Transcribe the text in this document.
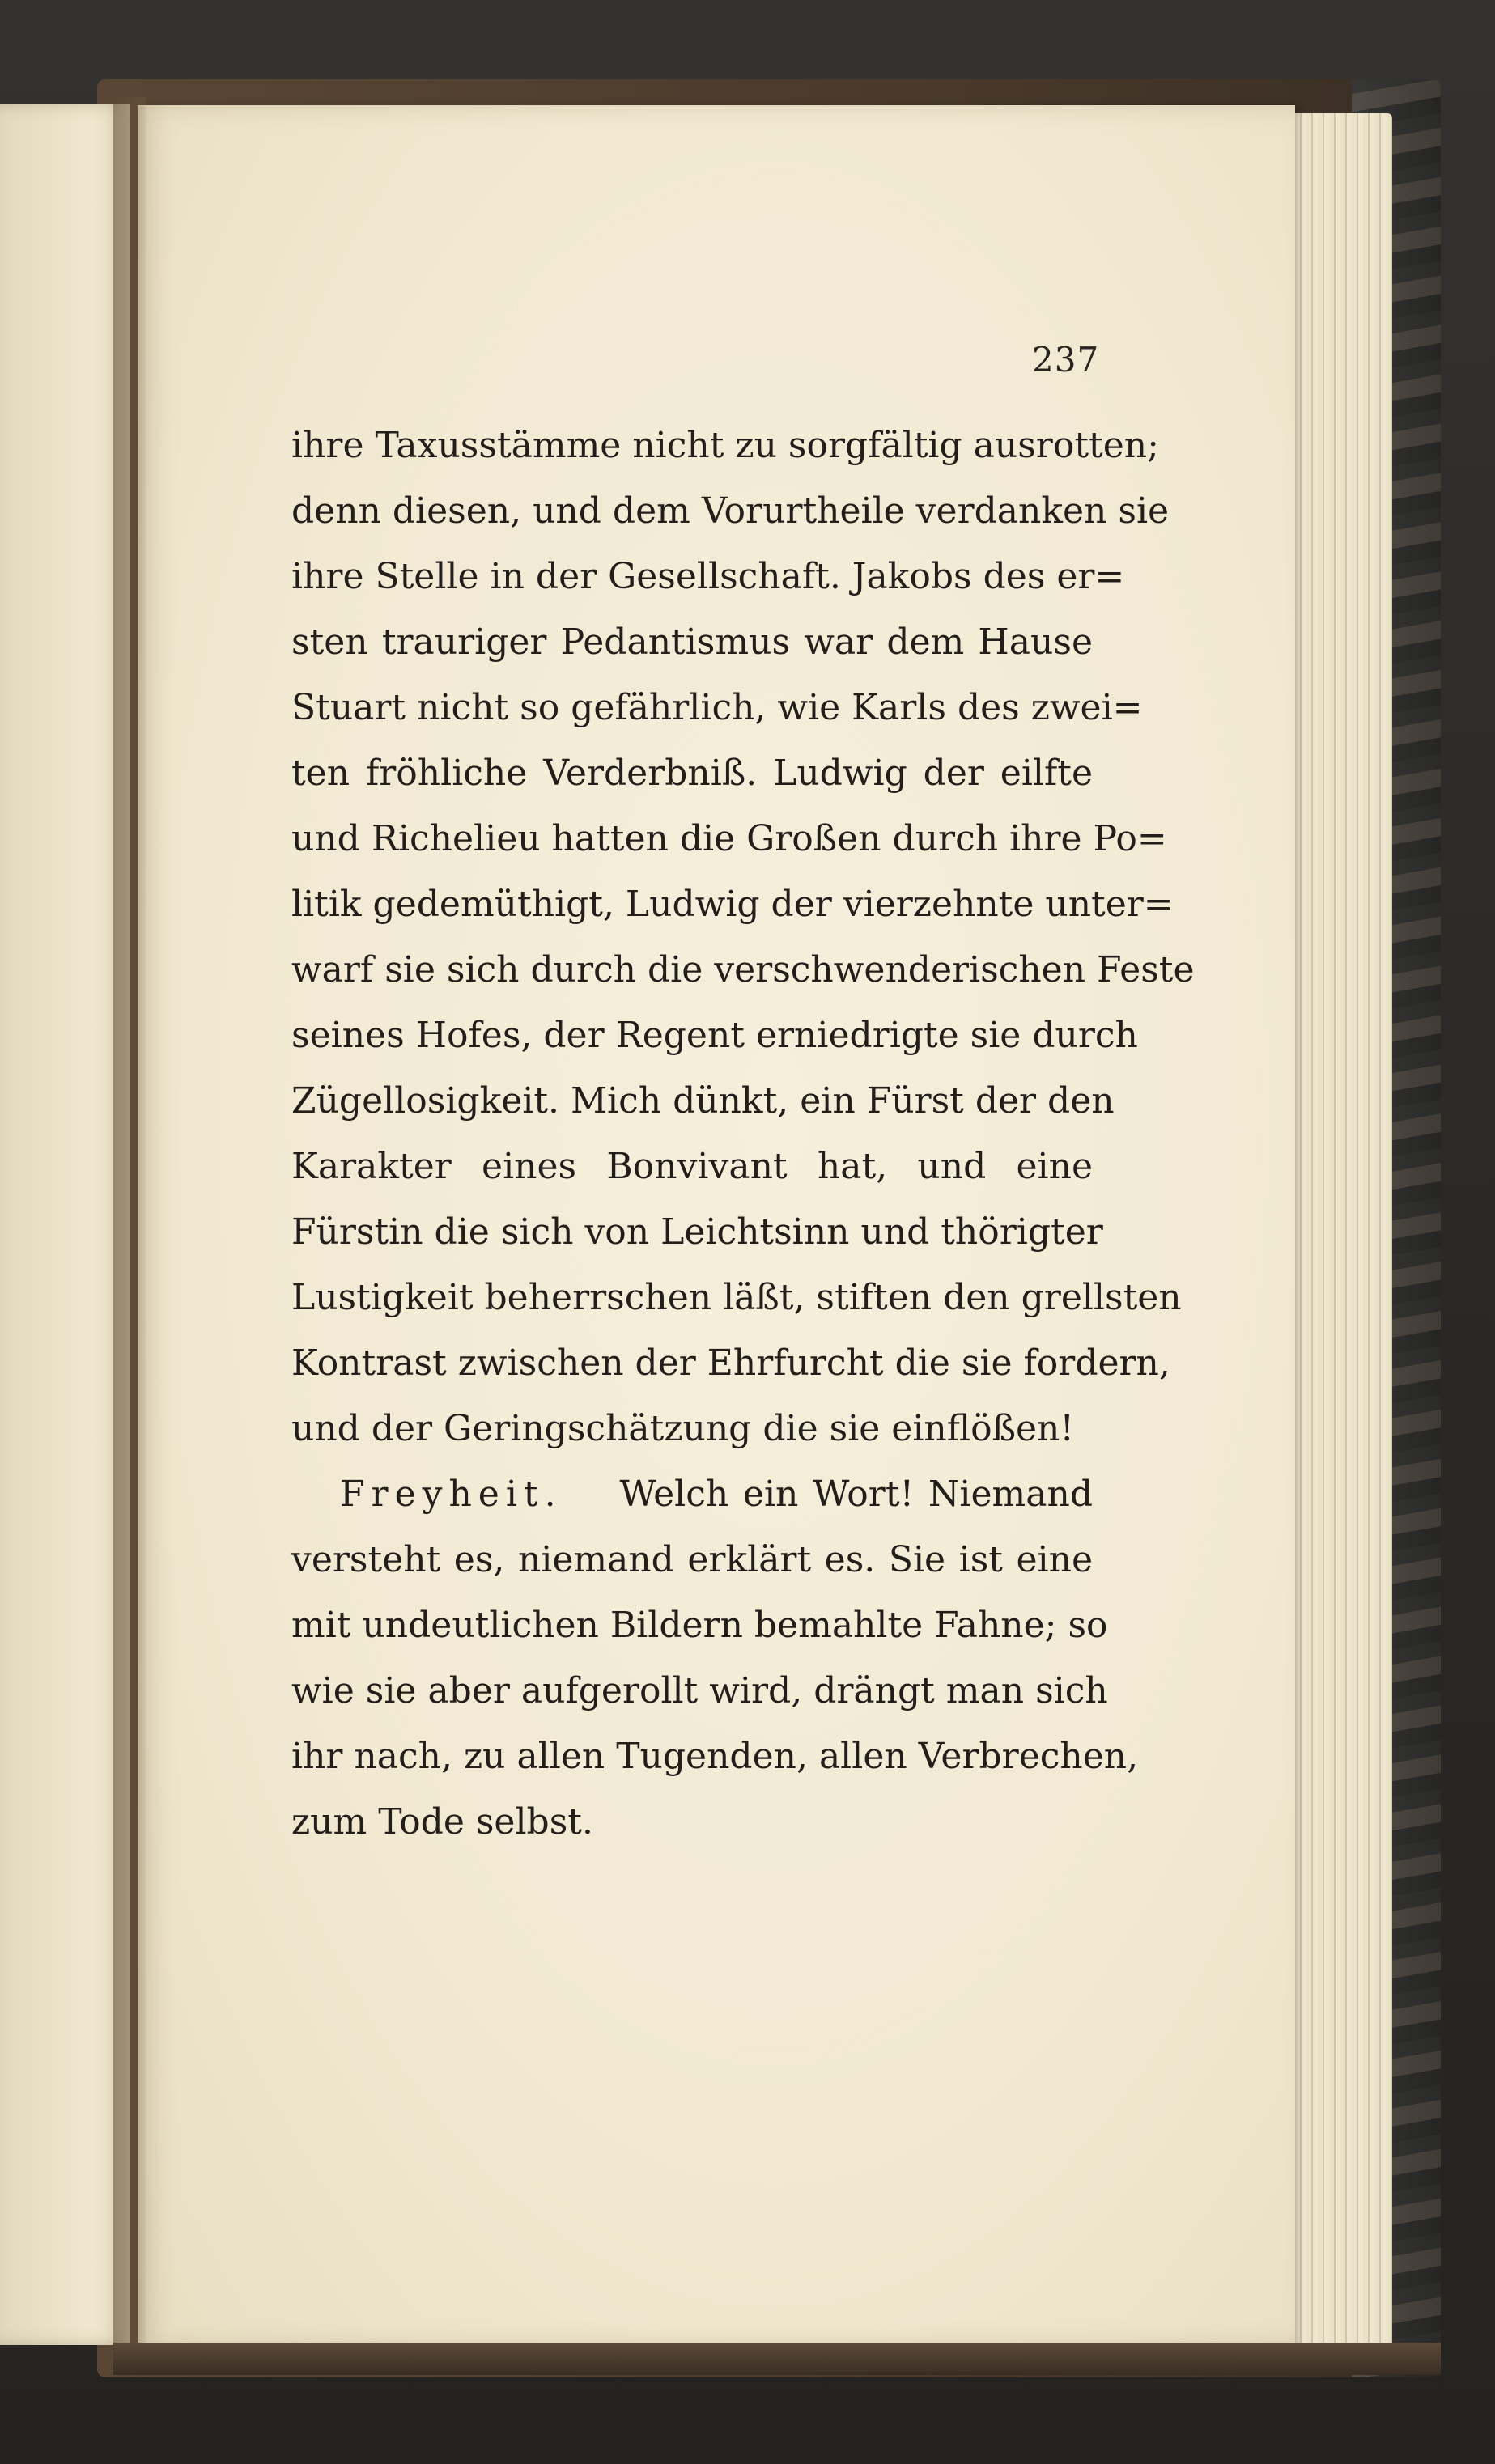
237
ihre Taxusstämme nicht zu sorgfältig ausrotten;
denn diesen, und dem Vorurtheile verdanken sie
ihre Stelle in der Gesellschaft. Jakobs des er=
sten trauriger Pedantismus war dem Hause
Stuart nicht so gefährlich, wie Karls des zwei=
ten fröhliche Verderbniß. Ludwig der eilfte
und Richelieu hatten die Großen durch ihre Po=
litik gedemüthigt, Ludwig der vierzehnte unter=
warf sie sich durch die verschwenderischen Feste
seines Hofes, der Regent erniedrigte sie durch
Zügellosigkeit. Mich dünkt, ein Fürst der den
Karakter eines Bonvivant hat, und eine
Fürstin die sich von Leichtsinn und thörigter
Lustigkeit beherrschen läßt, stiften den grellsten
Kontrast zwischen der Ehrfurcht die sie fordern,
und der Geringschätzung die sie einflößen!
Freyheit. Welch ein Wort! Niemand
versteht es, niemand erklärt es. Sie ist eine
mit undeutlichen Bildern bemahlte Fahne; so
wie sie aber aufgerollt wird, drängt man sich
ihr nach, zu allen Tugenden, allen Verbrechen,
zum Tode selbst.
